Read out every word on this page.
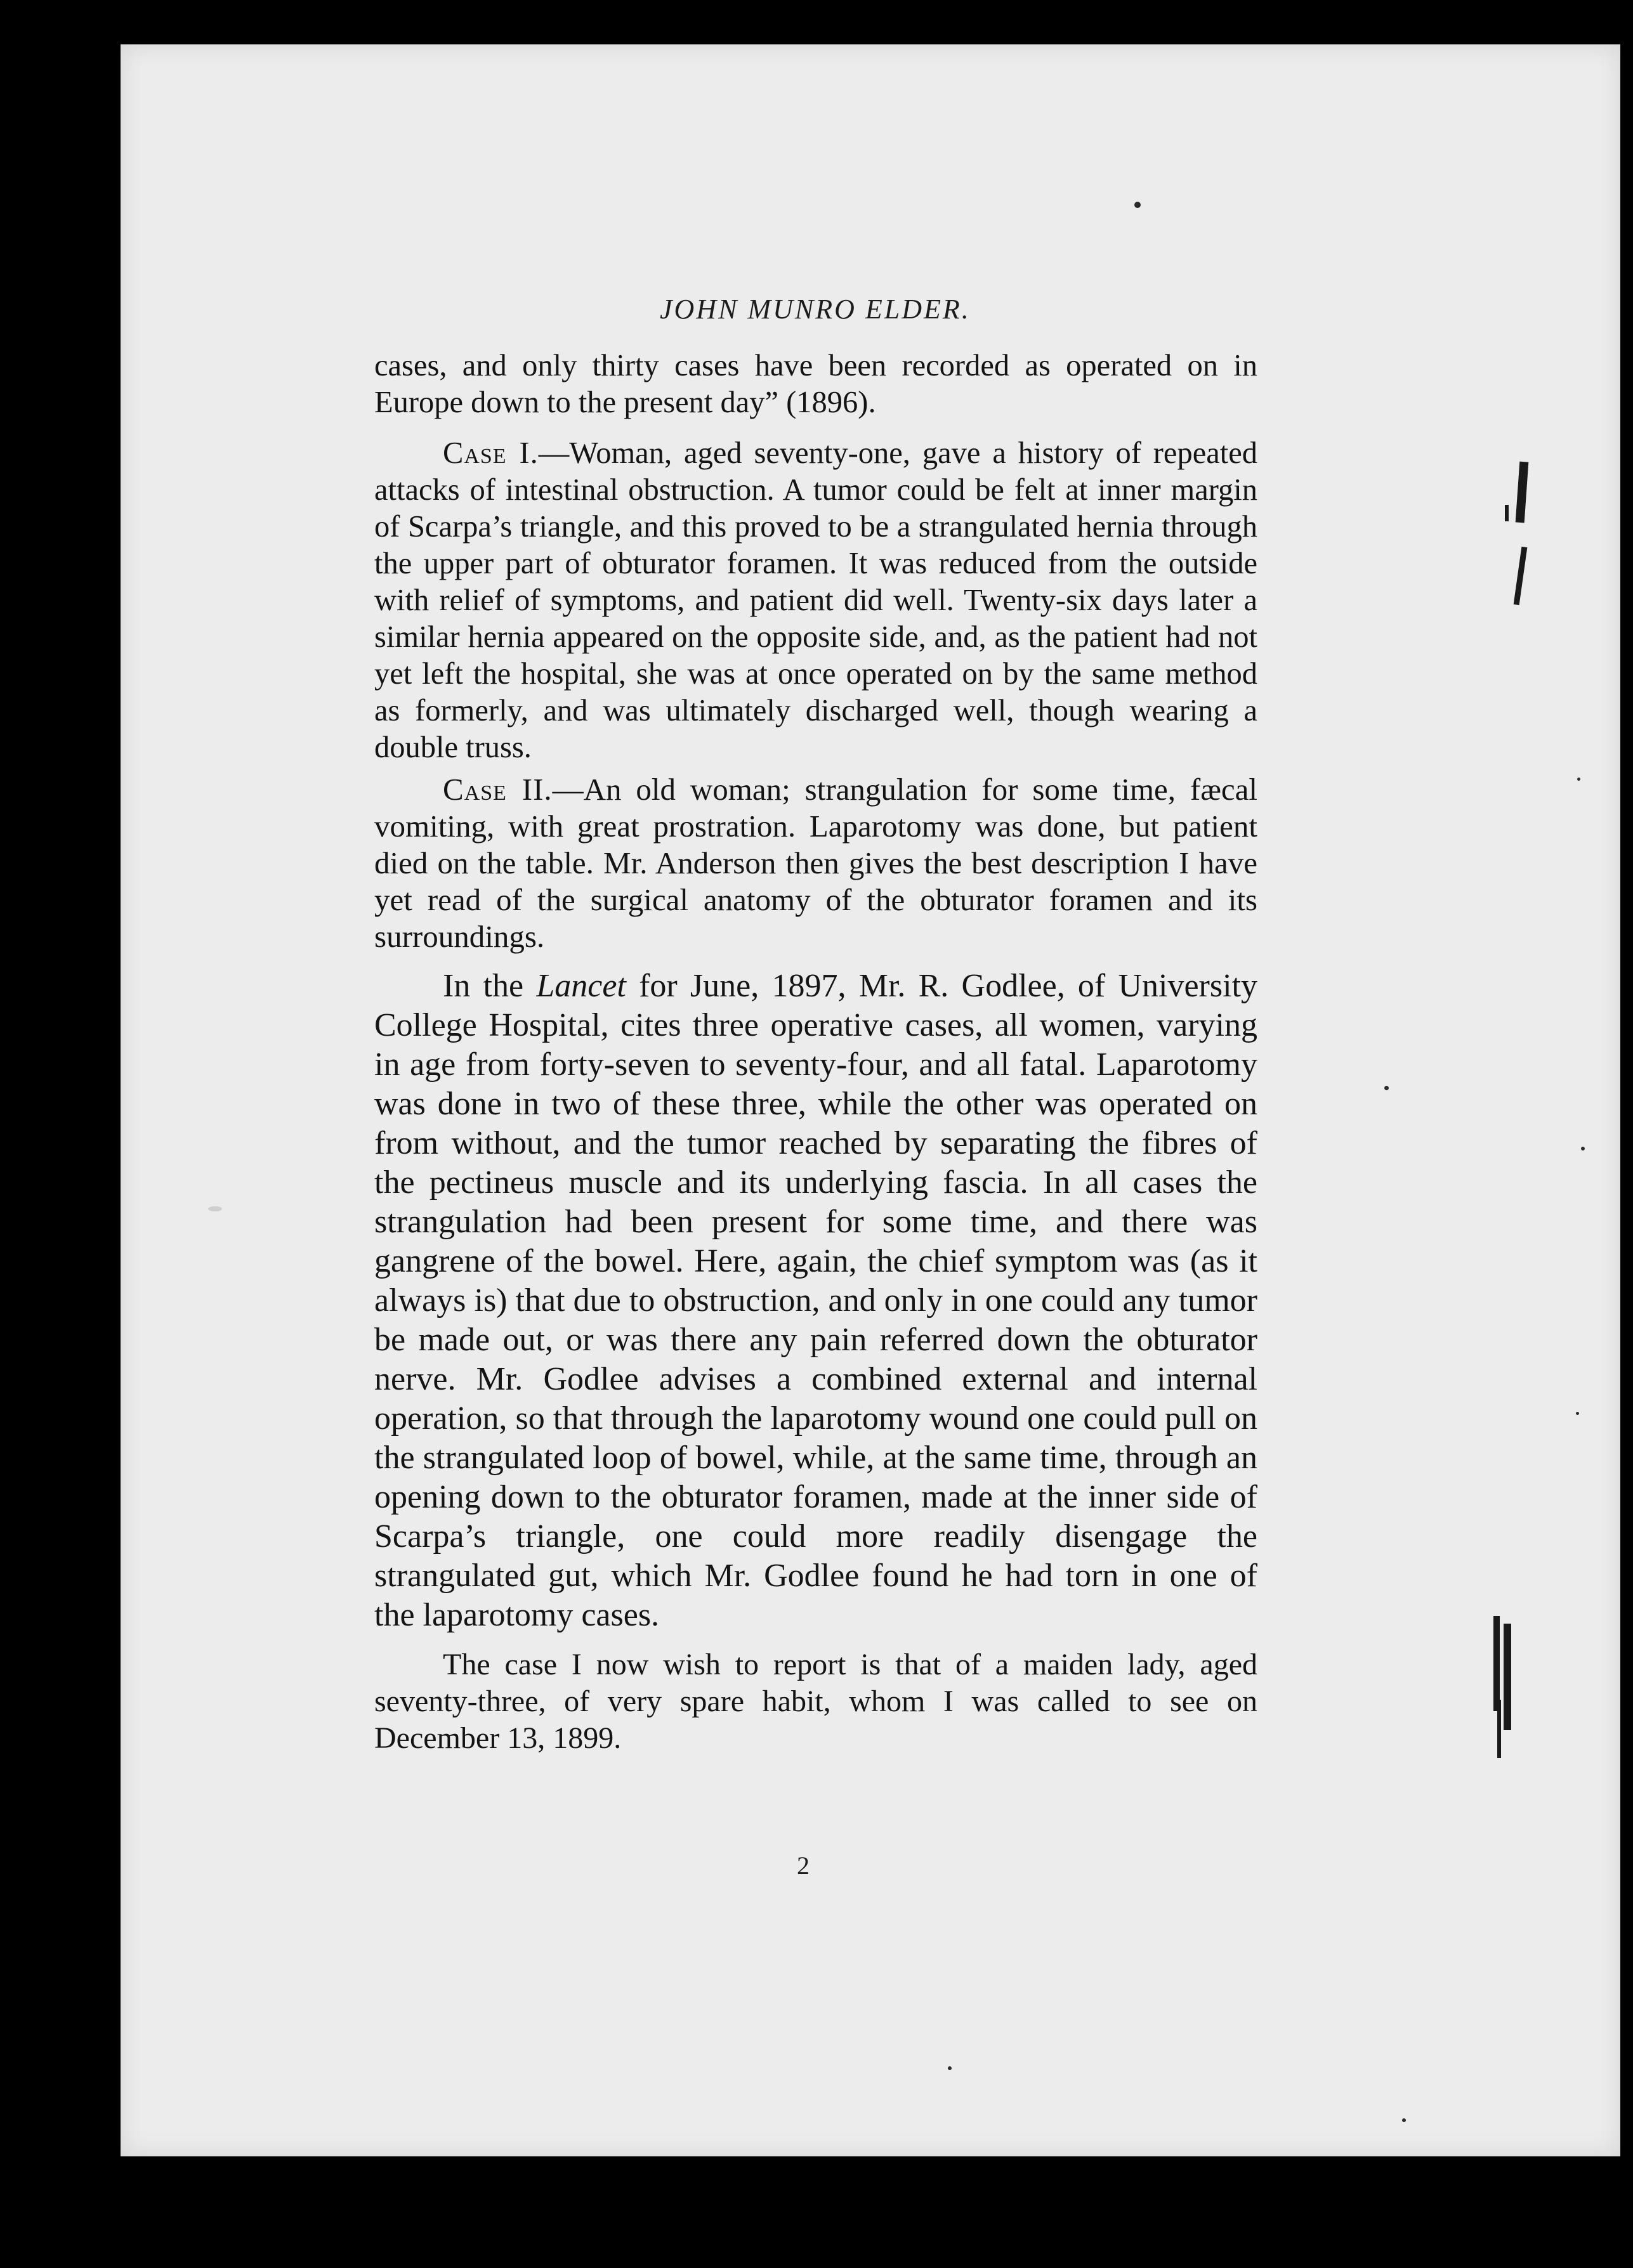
JOHN MUNRO ELDER.

cases, and only thirty cases have been recorded as operated on in Europe down to the present day” (1896).

Case I.—Woman, aged seventy-one, gave a history of repeated attacks of intestinal obstruction. A tumor could be felt at inner margin of Scarpa’s triangle, and this proved to be a strangulated hernia through the upper part of obturator foramen. It was reduced from the outside with relief of symptoms, and patient did well. Twenty-six days later a similar hernia appeared on the opposite side, and, as the patient had not yet left the hospital, she was at once operated on by the same method as formerly, and was ultimately discharged well, though wearing a double truss.

Case II.—An old woman; strangulation for some time, fæcal vomiting, with great prostration. Laparotomy was done, but patient died on the table. Mr. Anderson then gives the best description I have yet read of the surgical anatomy of the obturator foramen and its surroundings.

In the Lancet for June, 1897, Mr. R. Godlee, of University College Hospital, cites three operative cases, all women, varying in age from forty-seven to seventy-four, and all fatal. Laparotomy was done in two of these three, while the other was operated on from without, and the tumor reached by separating the fibres of the pectineus muscle and its underlying fascia. In all cases the strangulation had been present for some time, and there was gangrene of the bowel. Here, again, the chief symptom was (as it always is) that due to obstruction, and only in one could any tumor be made out, or was there any pain referred down the obturator nerve. Mr. Godlee advises a combined external and internal operation, so that through the laparotomy wound one could pull on the strangulated loop of bowel, while, at the same time, through an opening down to the obturator foramen, made at the inner side of Scarpa’s triangle, one could more readily disengage the strangulated gut, which Mr. Godlee found he had torn in one of the laparotomy cases.

The case I now wish to report is that of a maiden lady, aged seventy-three, of very spare habit, whom I was called to see on December 13, 1899.

2
